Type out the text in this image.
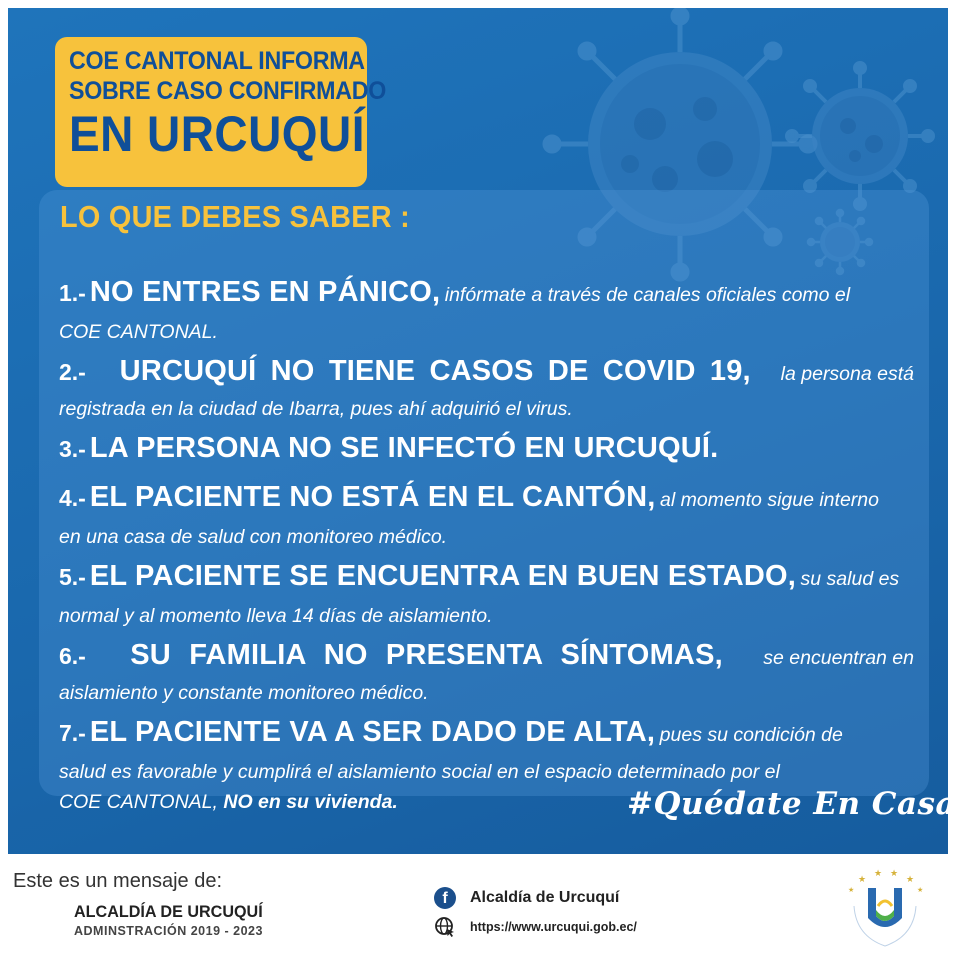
COE CANTONAL INFORMA
SOBRE CASO CONFIRMADO
EN URCUQUÍ
LO QUE DEBES SABER :
1.- NO ENTRES EN PÁNICO, infórmate a través de canales oficiales como el
COE CANTONAL.
2.- URCUQUÍ NO TIENE CASOS DE COVID 19, la persona está
registrada en la ciudad de Ibarra, pues ahí adquirió el virus.
3.- LA PERSONA NO SE INFECTÓ EN URCUQUÍ.
4.- EL PACIENTE NO ESTÁ EN EL CANTÓN, al momento sigue interno
en una casa de salud con monitoreo médico.
5.- EL PACIENTE SE ENCUENTRA EN BUEN ESTADO, su salud es
normal y al momento lleva 14 días de aislamiento.
6.- SU FAMILIA NO PRESENTA SÍNTOMAS, se encuentran en
aislamiento y constante monitoreo médico.
7.- EL PACIENTE VA A SER DADO DE ALTA, pues su condición de
salud es favorable y cumplirá el aislamiento social en el espacio determinado por el
COE CANTONAL, NO en su vivienda.	#Quédate En Casa
Este es un mensaje de:
ALCALDÍA DE URCUQUÍ
ADMINSTRACIÓN 2019 - 2023
f	Alcaldía de Urcuquí
https://www.urcuqui.gob.ec/
★
★ ★
★
★	★
